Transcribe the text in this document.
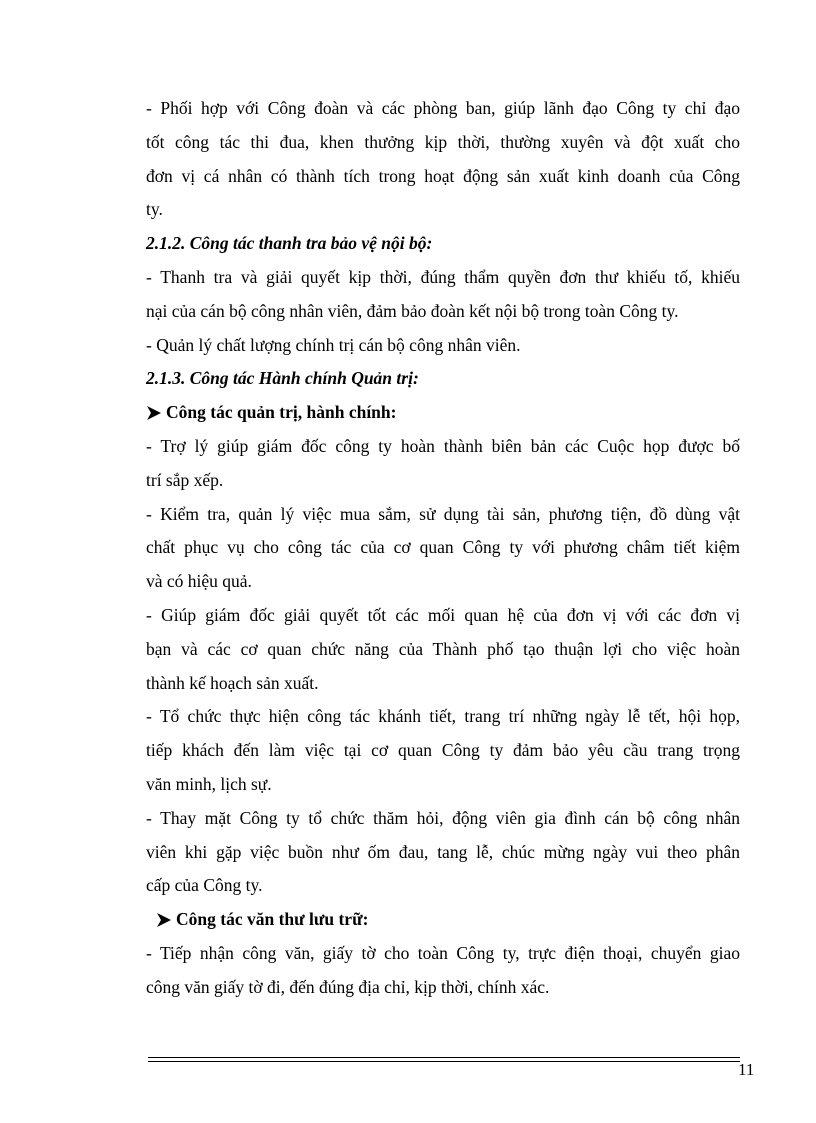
- Phối hợp với Công đoàn và các phòng ban, giúp lãnh đạo Công ty chỉ đạo
tốt công tác thi đua, khen thưởng kịp thời, thường xuyên và đột xuất cho
đơn vị cá nhân có thành tích trong hoạt động sản xuất kinh doanh của Công
ty.
2.1.2. Công tác thanh tra bảo vệ nội bộ:
- Thanh tra và giải quyết kịp thời, đúng thẩm quyền đơn thư khiếu tố, khiếu
nại của cán bộ công nhân viên, đảm bảo đoàn kết nội bộ trong toàn Công ty.
- Quản lý chất lượng chính trị cán bộ công nhân viên.
2.1.3. Công tác Hành chính Quản trị:
Công tác quản trị, hành chính:
- Trợ lý giúp giám đốc công ty hoàn thành biên bản các Cuộc họp được bố
trí sắp xếp.
- Kiểm tra, quản lý việc mua sắm, sử dụng tài sản, phương tiện, đồ dùng vật
chất phục vụ cho công tác của cơ quan Công ty với phương châm tiết kiệm
và có hiệu quả.
- Giúp giám đốc giải quyết tốt các mối quan hệ của đơn vị với các đơn vị
bạn và các cơ quan chức năng của Thành phố tạo thuận lợi cho việc hoàn
thành kế hoạch sản xuất.
- Tổ chức thực hiện công tác khánh tiết, trang trí những ngày lễ tết, hội họp,
tiếp khách đến làm việc tại cơ quan Công ty đảm bảo yêu cầu trang trọng
văn minh, lịch sự.
- Thay mặt Công ty tổ chức thăm hỏi, động viên gia đình cán bộ công nhân
viên khi gặp việc buồn như ốm đau, tang lễ, chúc mừng ngày vui theo phân
cấp của Công ty.
Công tác văn thư lưu trữ:
- Tiếp nhận công văn, giấy tờ cho toàn Công ty, trực điện thoại, chuyển giao
công văn giấy tờ đi, đến đúng địa chỉ, kịp thời, chính xác.
11
